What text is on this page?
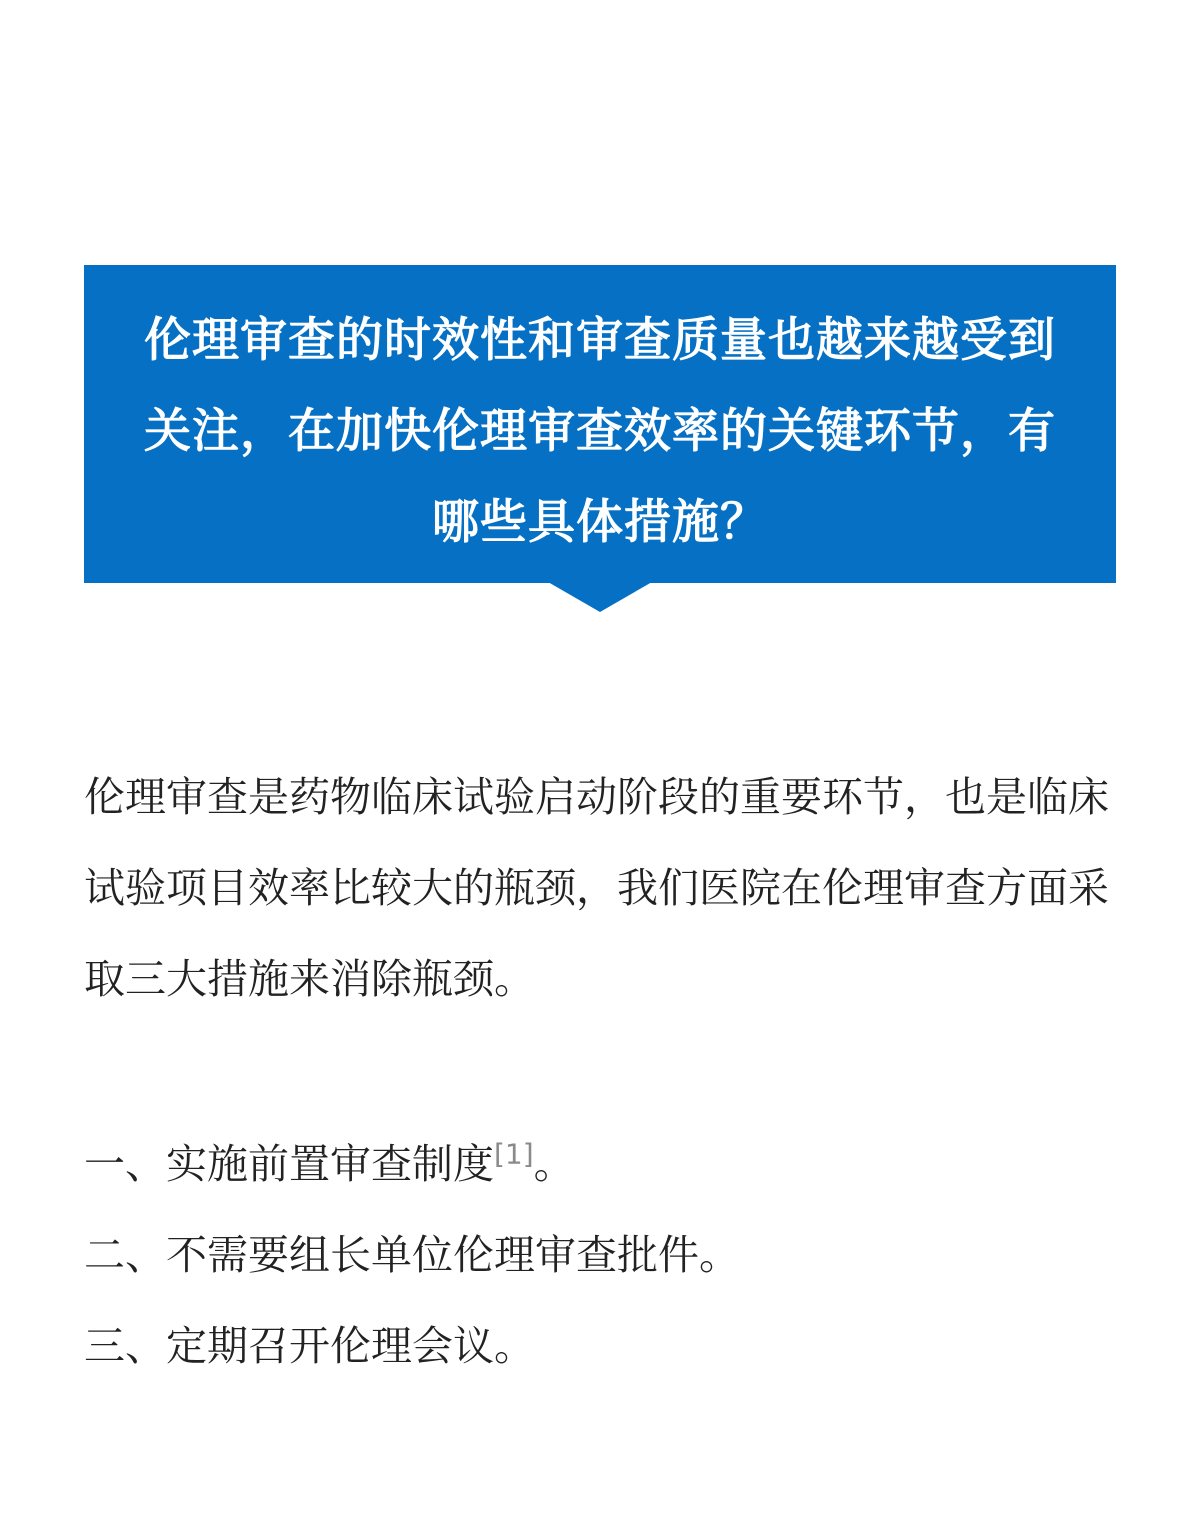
伦理审查的时效性和审查质量也越来越受到关注，在加快伦理审查效率的关键环节，有哪些具体措施？

伦理审查是药物临床试验启动阶段的重要环节，也是临床试验项目效率比较大的瓶颈，我们医院在伦理审查方面采取三大措施来消除瓶颈。

一、实施前置审查制度[1]。
二、不需要组长单位伦理审查批件。
三、定期召开伦理会议。
